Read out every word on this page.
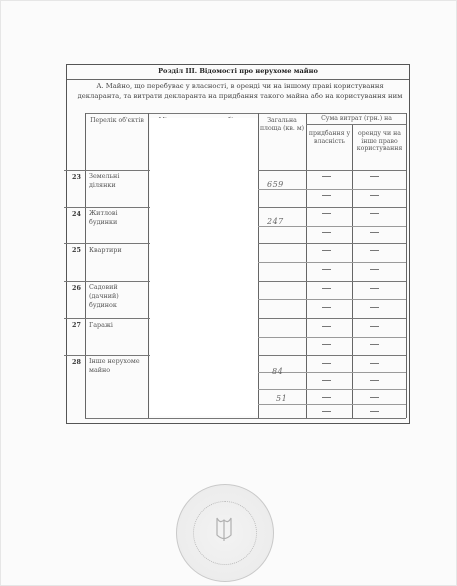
Розділ III. Відомості про нерухоме майно
А. Майно, що перебуває у власності, в оренді чи на іншому праві користування декларанта, та витрати декларанта на придбання такого майна або на користування ним
Перелік об'єктів	Загальна площа (кв. м)
Сума витрат (грн.) на
придбання у власність
оренду чи на інше право користування
23 Земельні ділянки
24 Житлові будинки
25 Квартири
26 Садовий (дачний) будинок
27 Гаражі
28 Інше нерухоме майно
659
247
84
51
